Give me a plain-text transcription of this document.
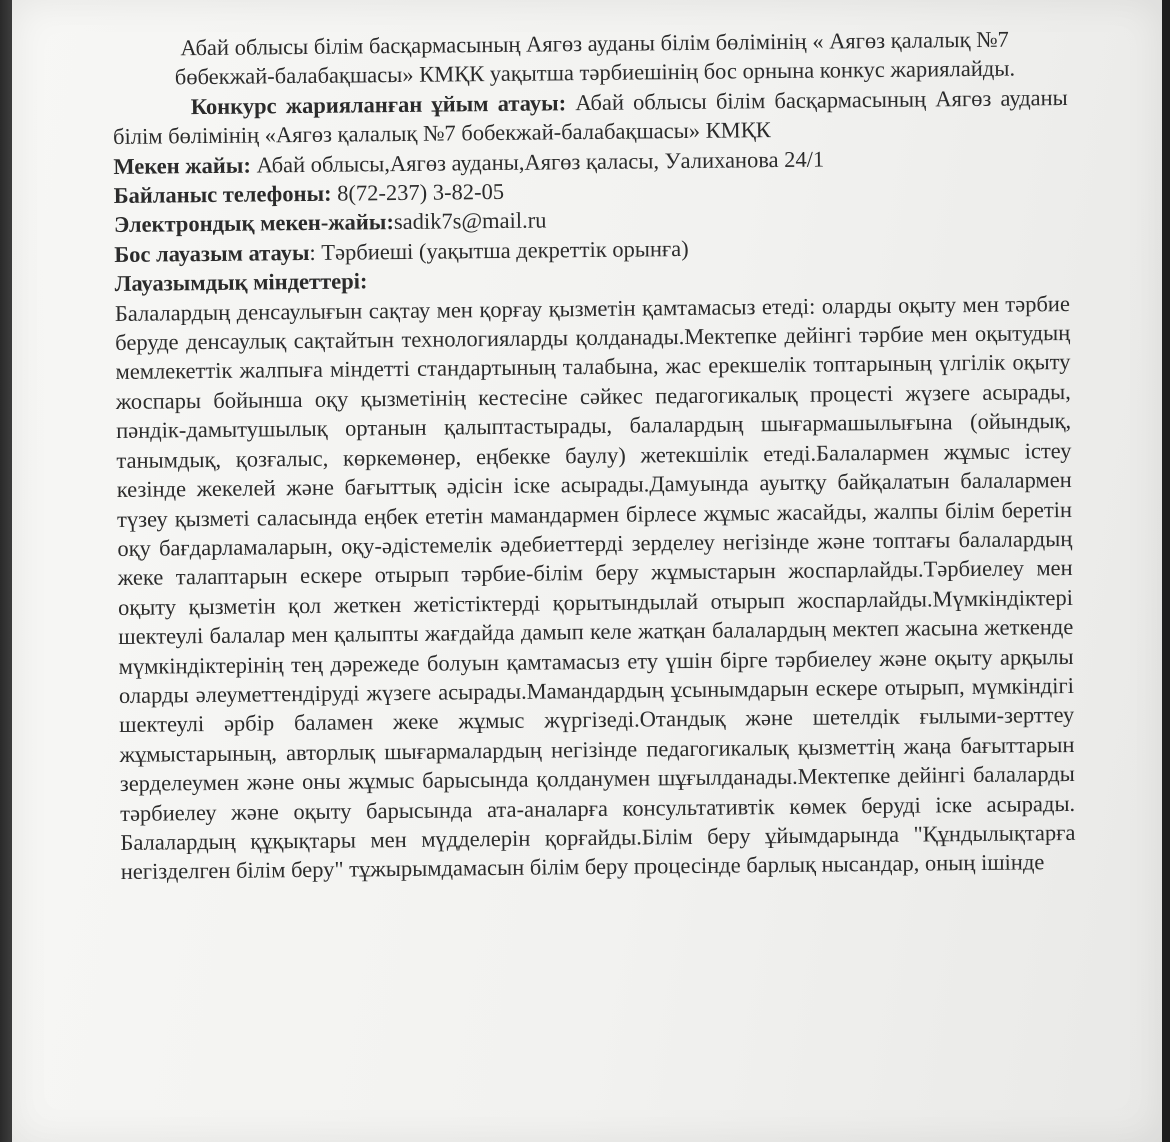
Абай облысы білім басқармасының Аягөз ауданы білім бөлімінің « Аягөз қалалық №7 бөбекжай-балабақшасы» КМҚК уақытша тәрбиешінің бос орнына конкус жариялайды.

Конкурс жарияланған ұйым атауы: Абай облысы білім басқармасының Аягөз ауданы білім бөлімінің «Аягөз қалалық №7 бобекжай-балабақшасы» КМҚК

Мекен жайы: Абай облысы,Аягөз ауданы,Аягөз қаласы, Уалиханова 24/1

Байланыс телефоны: 8(72-237) 3-82-05

Электрондық мекен-жайы:sadik7s@mail.ru

Бос лауазым атауы: Тәрбиеші (уақытша декреттік орынға)

Лауазымдық міндеттері:

Балалардың денсаулығын сақтау мен қорғау қызметін қамтамасыз етеді: оларды оқыту мен тәрбие беруде денсаулық сақтайтын технологияларды қолданады.Мектепке дейінгі тәрбие мен оқытудың мемлекеттік жалпыға міндетті стандартының талабына, жас ерекшелік топтарының үлгілік оқыту жоспары бойынша оқу қызметінің кестесіне сәйкес педагогикалық процесті жүзеге асырады, пәндік-дамытушылық ортанын қалыптастырады, балалардың шығармашылығына (ойындық, танымдық, қозғалыс, көркемөнер, еңбекке баулу) жетекшілік етеді.Балалармен жұмыс істеу кезінде жекелей және бағыттық әдісін іске асырады.Дамуында ауытқу байқалатын балалармен түзеу қызметі саласында еңбек ететін мамандармен бірлесе жұмыс жасайды, жалпы білім беретін оқу бағдарламаларын, оқу-әдістемелік әдебиеттерді зерделеу негізінде және топтағы балалардың жеке талаптарын ескере отырып тәрбие-білім беру жұмыстарын жоспарлайды.Тәрбиелеу мен оқыту қызметін қол жеткен жетістіктерді қорытындылай отырып жоспарлайды.Мүмкіндіктері шектеулі балалар мен қалыпты жағдайда дамып келе жатқан балалардың мектеп жасына жеткенде мүмкіндіктерінің тең дәрежеде болуын қамтамасыз ету үшін бірге тәрбиелеу және оқыту арқылы оларды әлеуметтендіруді жүзеге асырады.Мамандардың ұсынымдарын ескере отырып, мүмкіндігі шектеулі әрбір баламен жеке жұмыс жүргізеді.Отандық және шетелдік ғылыми-зерттеу жұмыстарының, авторлық шығармалардың негізінде педагогикалық қызметтің жаңа бағыттарын зерделеумен және оны жұмыс барысында қолданумен шұғылданады.Мектепке дейінгі балаларды тәрбиелеу және оқыту барысында ата-аналарға консультативтік көмек беруді іске асырады. Балалардың құқықтары мен мүдделерін қорғайды.Білім беру ұйымдарында "Құндылықтарға негізделген білім беру" тұжырымдамасын білім беру процесінде барлық нысандар, оның ішінде
